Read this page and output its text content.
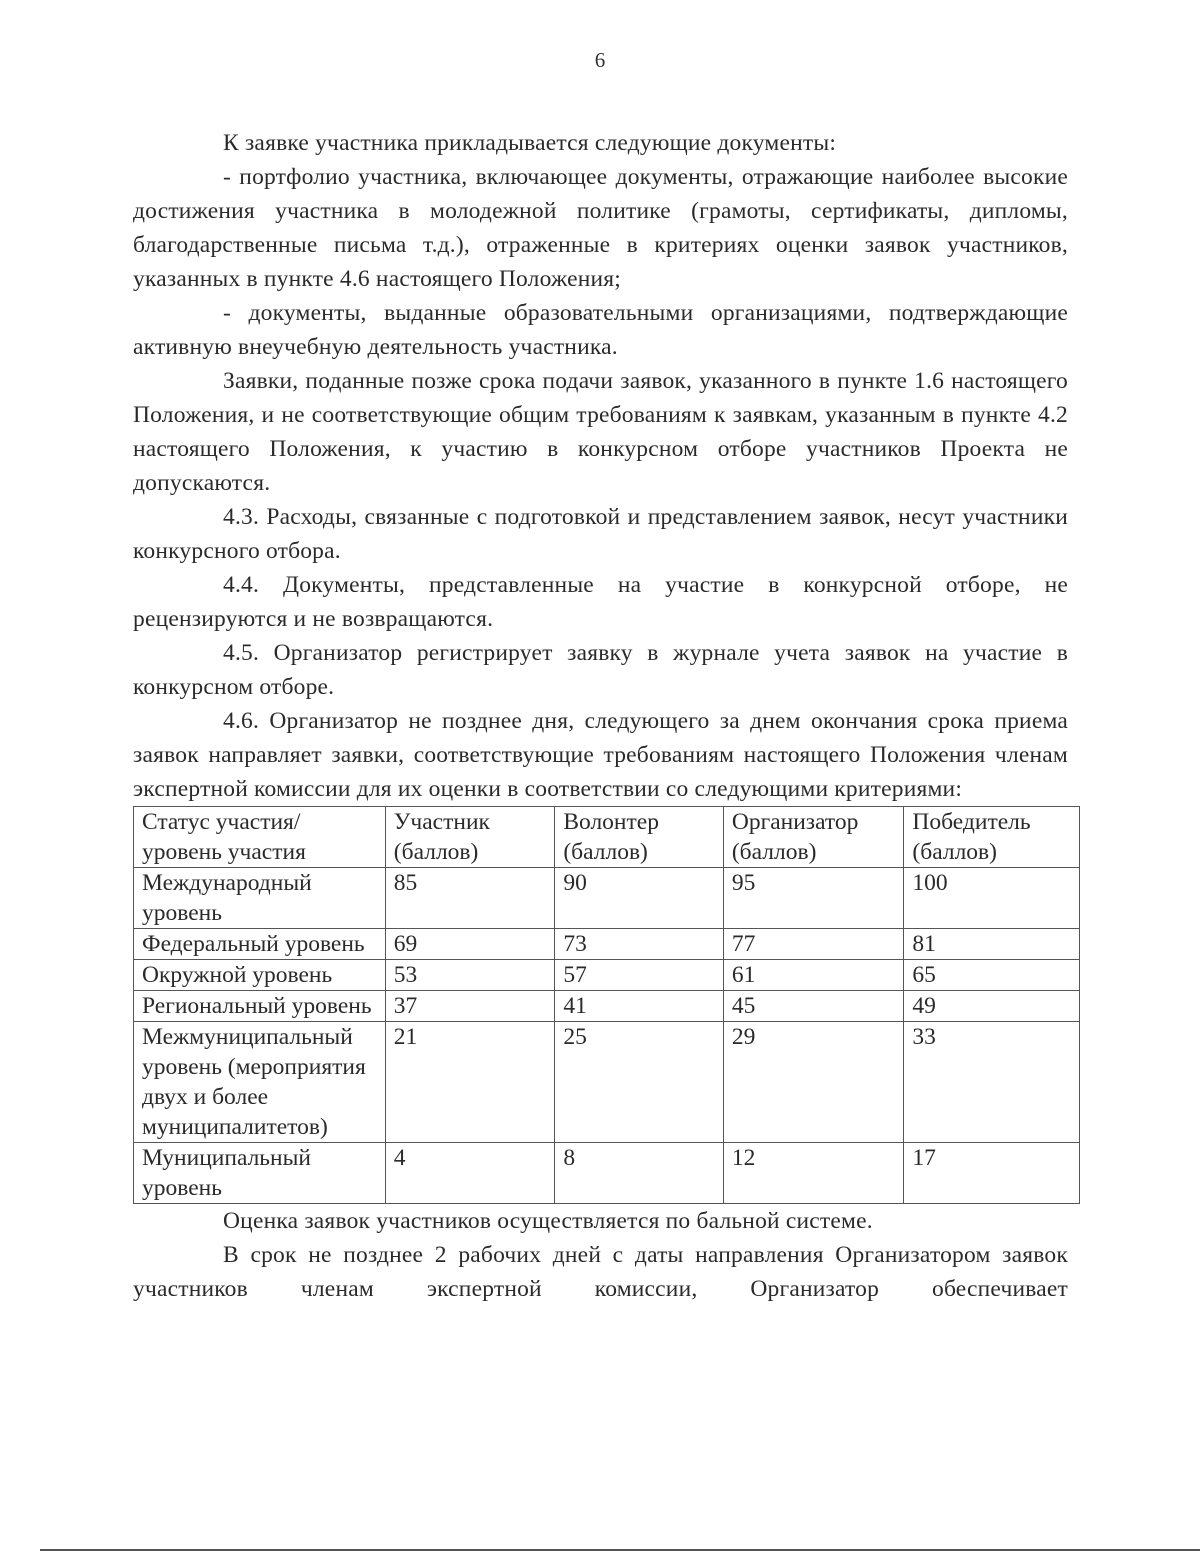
6

К заявке участника прикладывается следующие документы:

- портфолио участника, включающее документы, отражающие наиболее высокие достижения участника в молодежной политике (грамоты, сертификаты, дипломы, благодарственные письма т.д.), отраженные в критериях оценки заявок участников, указанных в пункте 4.6 настоящего Положения;

- документы, выданные образовательными организациями, подтверждающие активную внеучебную деятельность участника.

Заявки, поданные позже срока подачи заявок, указанного в пункте 1.6 настоящего Положения, и не соответствующие общим требованиям к заявкам, указанным в пункте 4.2 настоящего Положения, к участию в конкурсном отборе участников Проекта не допускаются.

4.3. Расходы, связанные с подготовкой и представлением заявок, несут участники конкурсного отбора.

4.4. Документы, представленные на участие в конкурсной отборе, не рецензируются и не возвращаются.

4.5. Организатор регистрирует заявку в журнале учета заявок на участие в конкурсном отборе.

4.6. Организатор не позднее дня, следующего за днем окончания срока приема заявок направляет заявки, соответствующие требованиям настоящего Положения членам экспертной комиссии для их оценки в соответствии со следующими критериями:

Статус участия/уровень участия	Участник (баллов)	Волонтер (баллов)	Организатор (баллов)	Победитель (баллов)
Международный уровень	85	90	95	100
Федеральный уровень	69	73	77	81
Окружной уровень	53	57	61	65
Региональный уровень	37	41	45	49
Межмуниципальный уровень (мероприятия двух и более муниципалитетов)	21	25	29	33
Муниципальный уровень	4	8	12	17

Оценка заявок участников осуществляется по бальной системе.

В срок не позднее 2 рабочих дней с даты направления Организатором заявок участников членам экспертной комиссии, Организатор обеспечивает
